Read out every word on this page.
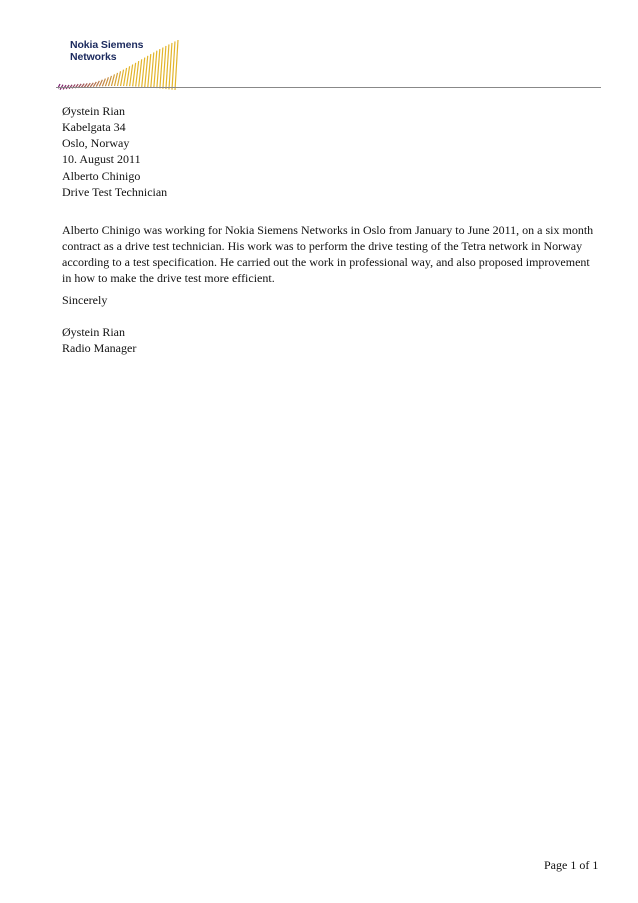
Nokia Siemens
Networks
Øystein Rian
Kabelgata 34
Oslo, Norway
10. August 2011
Alberto Chinigo
Drive Test Technician
Alberto Chinigo was working for Nokia Siemens Networks in Oslo from January to June 2011, on a six month contract as a drive test technician. His work was to perform the drive testing of the Tetra network in Norway according to a test specification. He carried out the work in professional way, and also proposed improvement in how to make the drive test more efficient.
Sincerely
Øystein Rian
Radio Manager
Page 1 of 1
